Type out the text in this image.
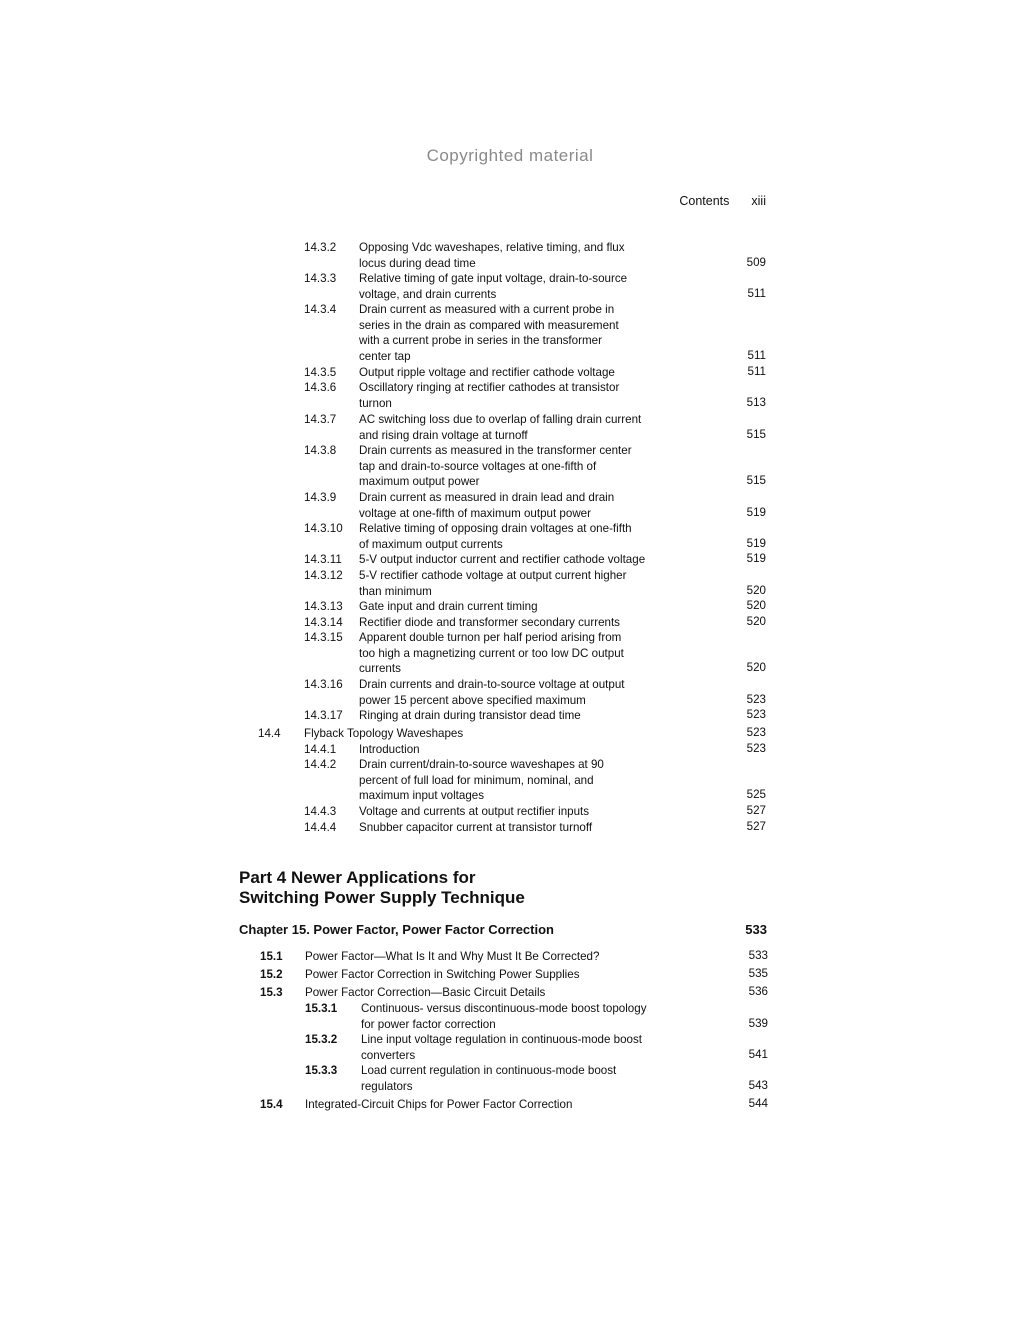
Copyrighted material
Contents xiii
14.3.2	Opposing Vdc waveshapes, relative timing, and flux
locus during dead time	509
14.3.3	Relative timing of gate input voltage, drain-to-source
voltage, and drain currents	511
14.3.4	Drain current as measured with a current probe in
series in the drain as compared with measurement
with a current probe in series in the transformer
center tap	511
14.3.5	Output ripple voltage and rectifier cathode voltage	511
14.3.6	Oscillatory ringing at rectifier cathodes at transistor
turnon	513
14.3.7	AC switching loss due to overlap of falling drain current
and rising drain voltage at turnoff	515
14.3.8	Drain currents as measured in the transformer center
tap and drain-to-source voltages at one-fifth of
maximum output power	515
14.3.9	Drain current as measured in drain lead and drain
voltage at one-fifth of maximum output power	519
14.3.10	Relative timing of opposing drain voltages at one-fifth
of maximum output currents	519
14.3.11	5-V output inductor current and rectifier cathode voltage	519
14.3.12	5-V rectifier cathode voltage at output current higher
than minimum	520
14.3.13	Gate input and drain current timing	520
14.3.14	Rectifier diode and transformer secondary currents	520
14.3.15	Apparent double turnon per half period arising from
too high a magnetizing current or too low DC output
currents	520
14.3.16	Drain currents and drain-to-source voltage at output
power 15 percent above specified maximum	523
14.3.17	Ringing at drain during transistor dead time	523
14.4	Flyback Topology Waveshapes	523
14.4.1	Introduction	523
14.4.2	Drain current/drain-to-source waveshapes at 90
percent of full load for minimum, nominal, and
maximum input voltages	525
14.4.3	Voltage and currents at output rectifier inputs	527
14.4.4	Snubber capacitor current at transistor turnoff	527
Part 4 Newer Applications for
Switching Power Supply Technique
Chapter 15. Power Factor, Power Factor Correction	533
15.1	Power Factor—What Is It and Why Must It Be Corrected?	533
15.2	Power Factor Correction in Switching Power Supplies	535
15.3	Power Factor Correction—Basic Circuit Details	536
15.3.1	Continuous- versus discontinuous-mode boost topology
for power factor correction	539
15.3.2	Line input voltage regulation in continuous-mode boost
converters	541
15.3.3	Load current regulation in continuous-mode boost
regulators	543
15.4	Integrated-Circuit Chips for Power Factor Correction	544
